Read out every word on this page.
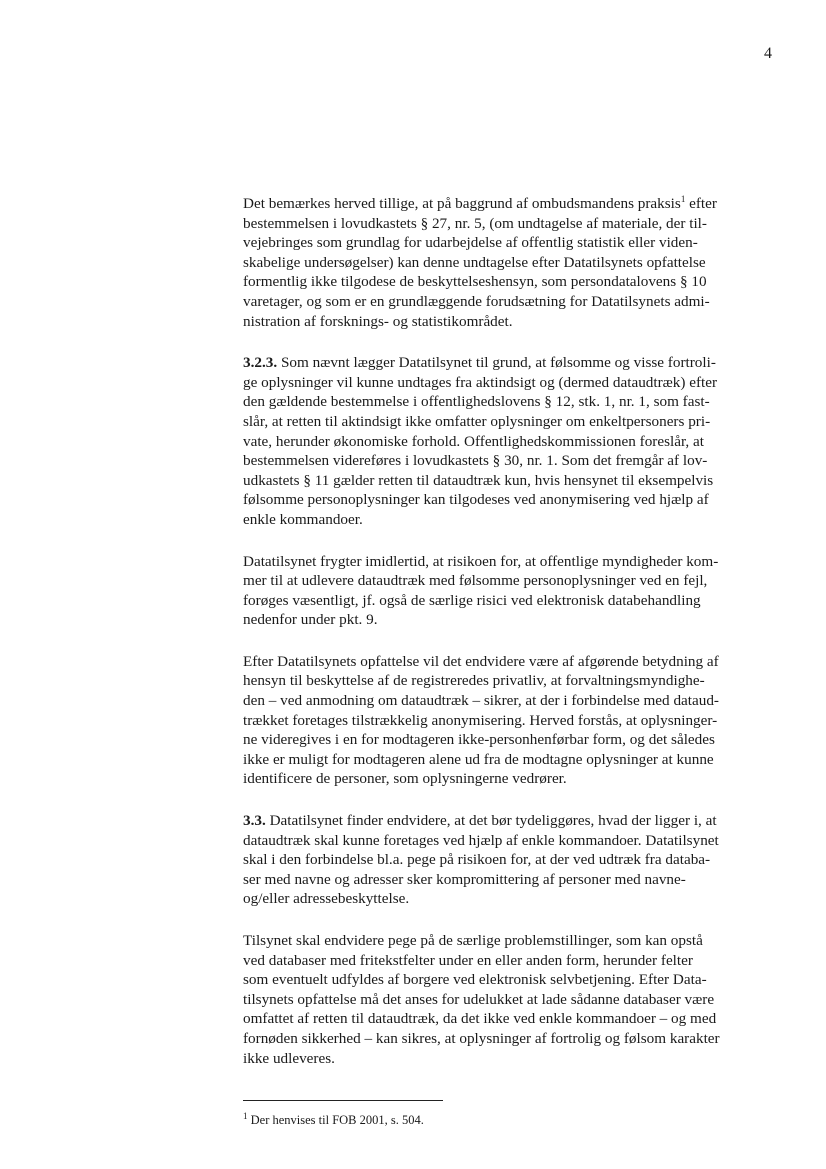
4

Det bemærkes herved tillige, at på baggrund af ombudsmandens praksis$^1$ efter
bestemmelsen i lovudkastets § 27, nr. 5, (om undtagelse af materiale, der til-
vejebringes som grundlag for udarbejdelse af offentlig statistik eller viden-
skabelige undersøgelser) kan denne undtagelse efter Datatilsynets opfattelse
formentlig ikke tilgodese de beskyttelseshensyn, som persondatalovens § 10
varetager, og som er en grundlæggende forudsætning for Datatilsynets admi-
nistration af forsknings- og statistikområdet.

3.2.3. Som nævnt lægger Datatilsynet til grund, at følsomme og visse fortroli-
ge oplysninger vil kunne undtages fra aktindsigt og (dermed dataudtræk) efter
den gældende bestemmelse i offentlighedslovens § 12, stk. 1, nr. 1, som fast-
slår, at retten til aktindsigt ikke omfatter oplysninger om enkeltpersoners pri-
vate, herunder økonomiske forhold. Offentlighedskommissionen foreslår, at
bestemmelsen videreføres i lovudkastets § 30, nr. 1. Som det fremgår af lov-
udkastets § 11 gælder retten til dataudtræk kun, hvis hensynet til eksempelvis
følsomme personoplysninger kan tilgodeses ved anonymisering ved hjælp af
enkle kommandoer.

Datatilsynet frygter imidlertid, at risikoen for, at offentlige myndigheder kom-
mer til at udlevere dataudtræk med følsomme personoplysninger ved en fejl,
forøges væsentligt, jf. også de særlige risici ved elektronisk databehandling
nedenfor under pkt. 9.

Efter Datatilsynets opfattelse vil det endvidere være af afgørende betydning af
hensyn til beskyttelse af de registreredes privatliv, at forvaltningsmyndighe-
den – ved anmodning om dataudtræk – sikrer, at der i forbindelse med dataud-
trækket foretages tilstrækkelig anonymisering. Herved forstås, at oplysninger-
ne videregives i en for modtageren ikke-personhenførbar form, og det således
ikke er muligt for modtageren alene ud fra de modtagne oplysninger at kunne
identificere de personer, som oplysningerne vedrører.

3.3. Datatilsynet finder endvidere, at det bør tydeliggøres, hvad der ligger i, at
dataudtræk skal kunne foretages ved hjælp af enkle kommandoer. Datatilsynet
skal i den forbindelse bl.a. pege på risikoen for, at der ved udtræk fra databa-
ser med navne og adresser sker kompromittering af personer med navne-
og/eller adressebeskyttelse.

Tilsynet skal endvidere pege på de særlige problemstillinger, som kan opstå
ved databaser med fritekstfelter under en eller anden form, herunder felter
som eventuelt udfyldes af borgere ved elektronisk selvbetjening. Efter Data-
tilsynets opfattelse må det anses for udelukket at lade sådanne databaser være
omfattet af retten til dataudtræk, da det ikke ved enkle kommandoer – og med
fornøden sikkerhed – kan sikres, at oplysninger af fortrolig og følsom karakter
ikke udleveres.

$^1$ Der henvises til FOB 2001, s. 504.
